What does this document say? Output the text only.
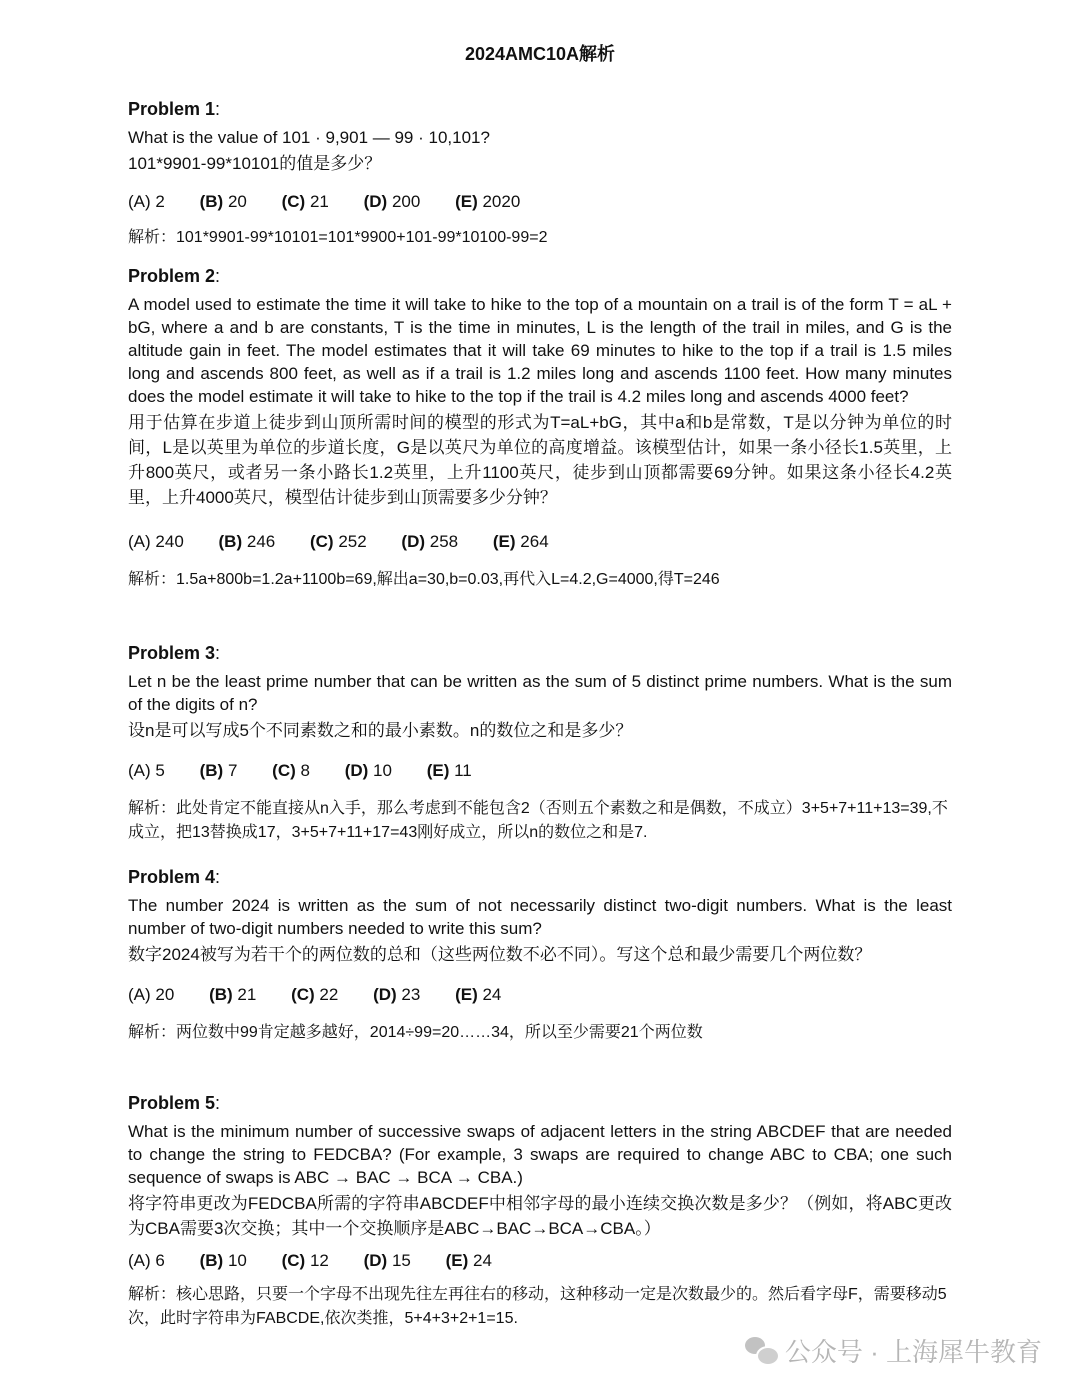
2024AMC10A解析
Problem 1:

What is the value of 101 · 9,901 — 99 · 10,101?

101*9901-99*10101的值是多少？

(A) 2 (B) 20 (C) 21 (D) 200 (E) 2020

解析：101*9901-99*10101=101*9900+101-99*10100-99=2

Problem 2:

A model used to estimate the time it will take to hike to the top of a mountain on a trail is of the form T = aL + bG, where a and b are constants, T is the time in minutes, L is the length of the trail in miles, and G is the altitude gain in feet. The model estimates that it will take 69 minutes to hike to the top if a trail is 1.5 miles long and ascends 800 feet, as well as if a trail is 1.2 miles long and ascends 1100 feet. How many minutes does the model estimate it will take to hike to the top if the trail is 4.2 miles long and ascends 4000 feet?

用于估算在步道上徒步到山顶所需时间的模型的形式为T=aL+bG，其中a和b是常数，T是以分钟为单位的时间，L是以英里为单位的步道长度，G是以英尺为单位的高度增益。该模型估计，如果一条小径长1.5英里，上升800英尺，或者另一条小路长1.2英里，上升1100英尺，徒步到山顶都需要69分钟。如果这条小径长4.2英里，上升4000英尺，模型估计徒步到山顶需要多少分钟？

(A) 240 (B) 246 (C) 252 (D) 258 (E) 264

解析：1.5a+800b=1.2a+1100b=69,解出a=30,b=0.03,再代入L=4.2,G=4000,得T=246

Problem 3:

Let n be the least prime number that can be written as the sum of 5 distinct prime numbers. What is the sum of the digits of n?

设n是可以写成5个不同素数之和的最小素数。n的数位之和是多少？

(A) 5 (B) 7 (C) 8 (D) 10 (E) 11

解析：此处肯定不能直接从n入手，那么考虑到不能包含2（否则五个素数之和是偶数，不成立）3+5+7+11+13=39,不成立，把13替换成17，3+5+7+11+17=43刚好成立，所以n的数位之和是7.

Problem 4:

The number 2024 is written as the sum of not necessarily distinct two-digit numbers. What is the least number of two-digit numbers needed to write this sum?

数字2024被写为若干个的两位数的总和（这些两位数不必不同）。写这个总和最少需要几个两位数？

(A) 20 (B) 21 (C) 22 (D) 23 (E) 24

解析：两位数中99肯定越多越好，2014÷99=20……34，所以至少需要21个两位数

Problem 5:

What is the minimum number of successive swaps of adjacent letters in the string ABCDEF that are needed to change the string to FEDCBA? (For example, 3 swaps are required to change ABC to CBA; one such sequence of swaps is ABC → BAC → BCA → CBA.)

将字符串更改为FEDCBA所需的字符串ABCDEF中相邻字母的最小连续交换次数是多少？（例如，将ABC更改为CBA需要3次交换；其中一个交换顺序是ABC→BAC→BCA→CBA。）

(A) 6 (B) 10 (C) 12 (D) 15 (E) 24

解析：核心思路，只要一个字母不出现先往左再往右的移动，这种移动一定是次数最少的。然后看字母F，需要移动5次，此时字符串为FABCDE,依次类推，5+4+3+2+1=15.

公众号 · 上海犀牛教育
